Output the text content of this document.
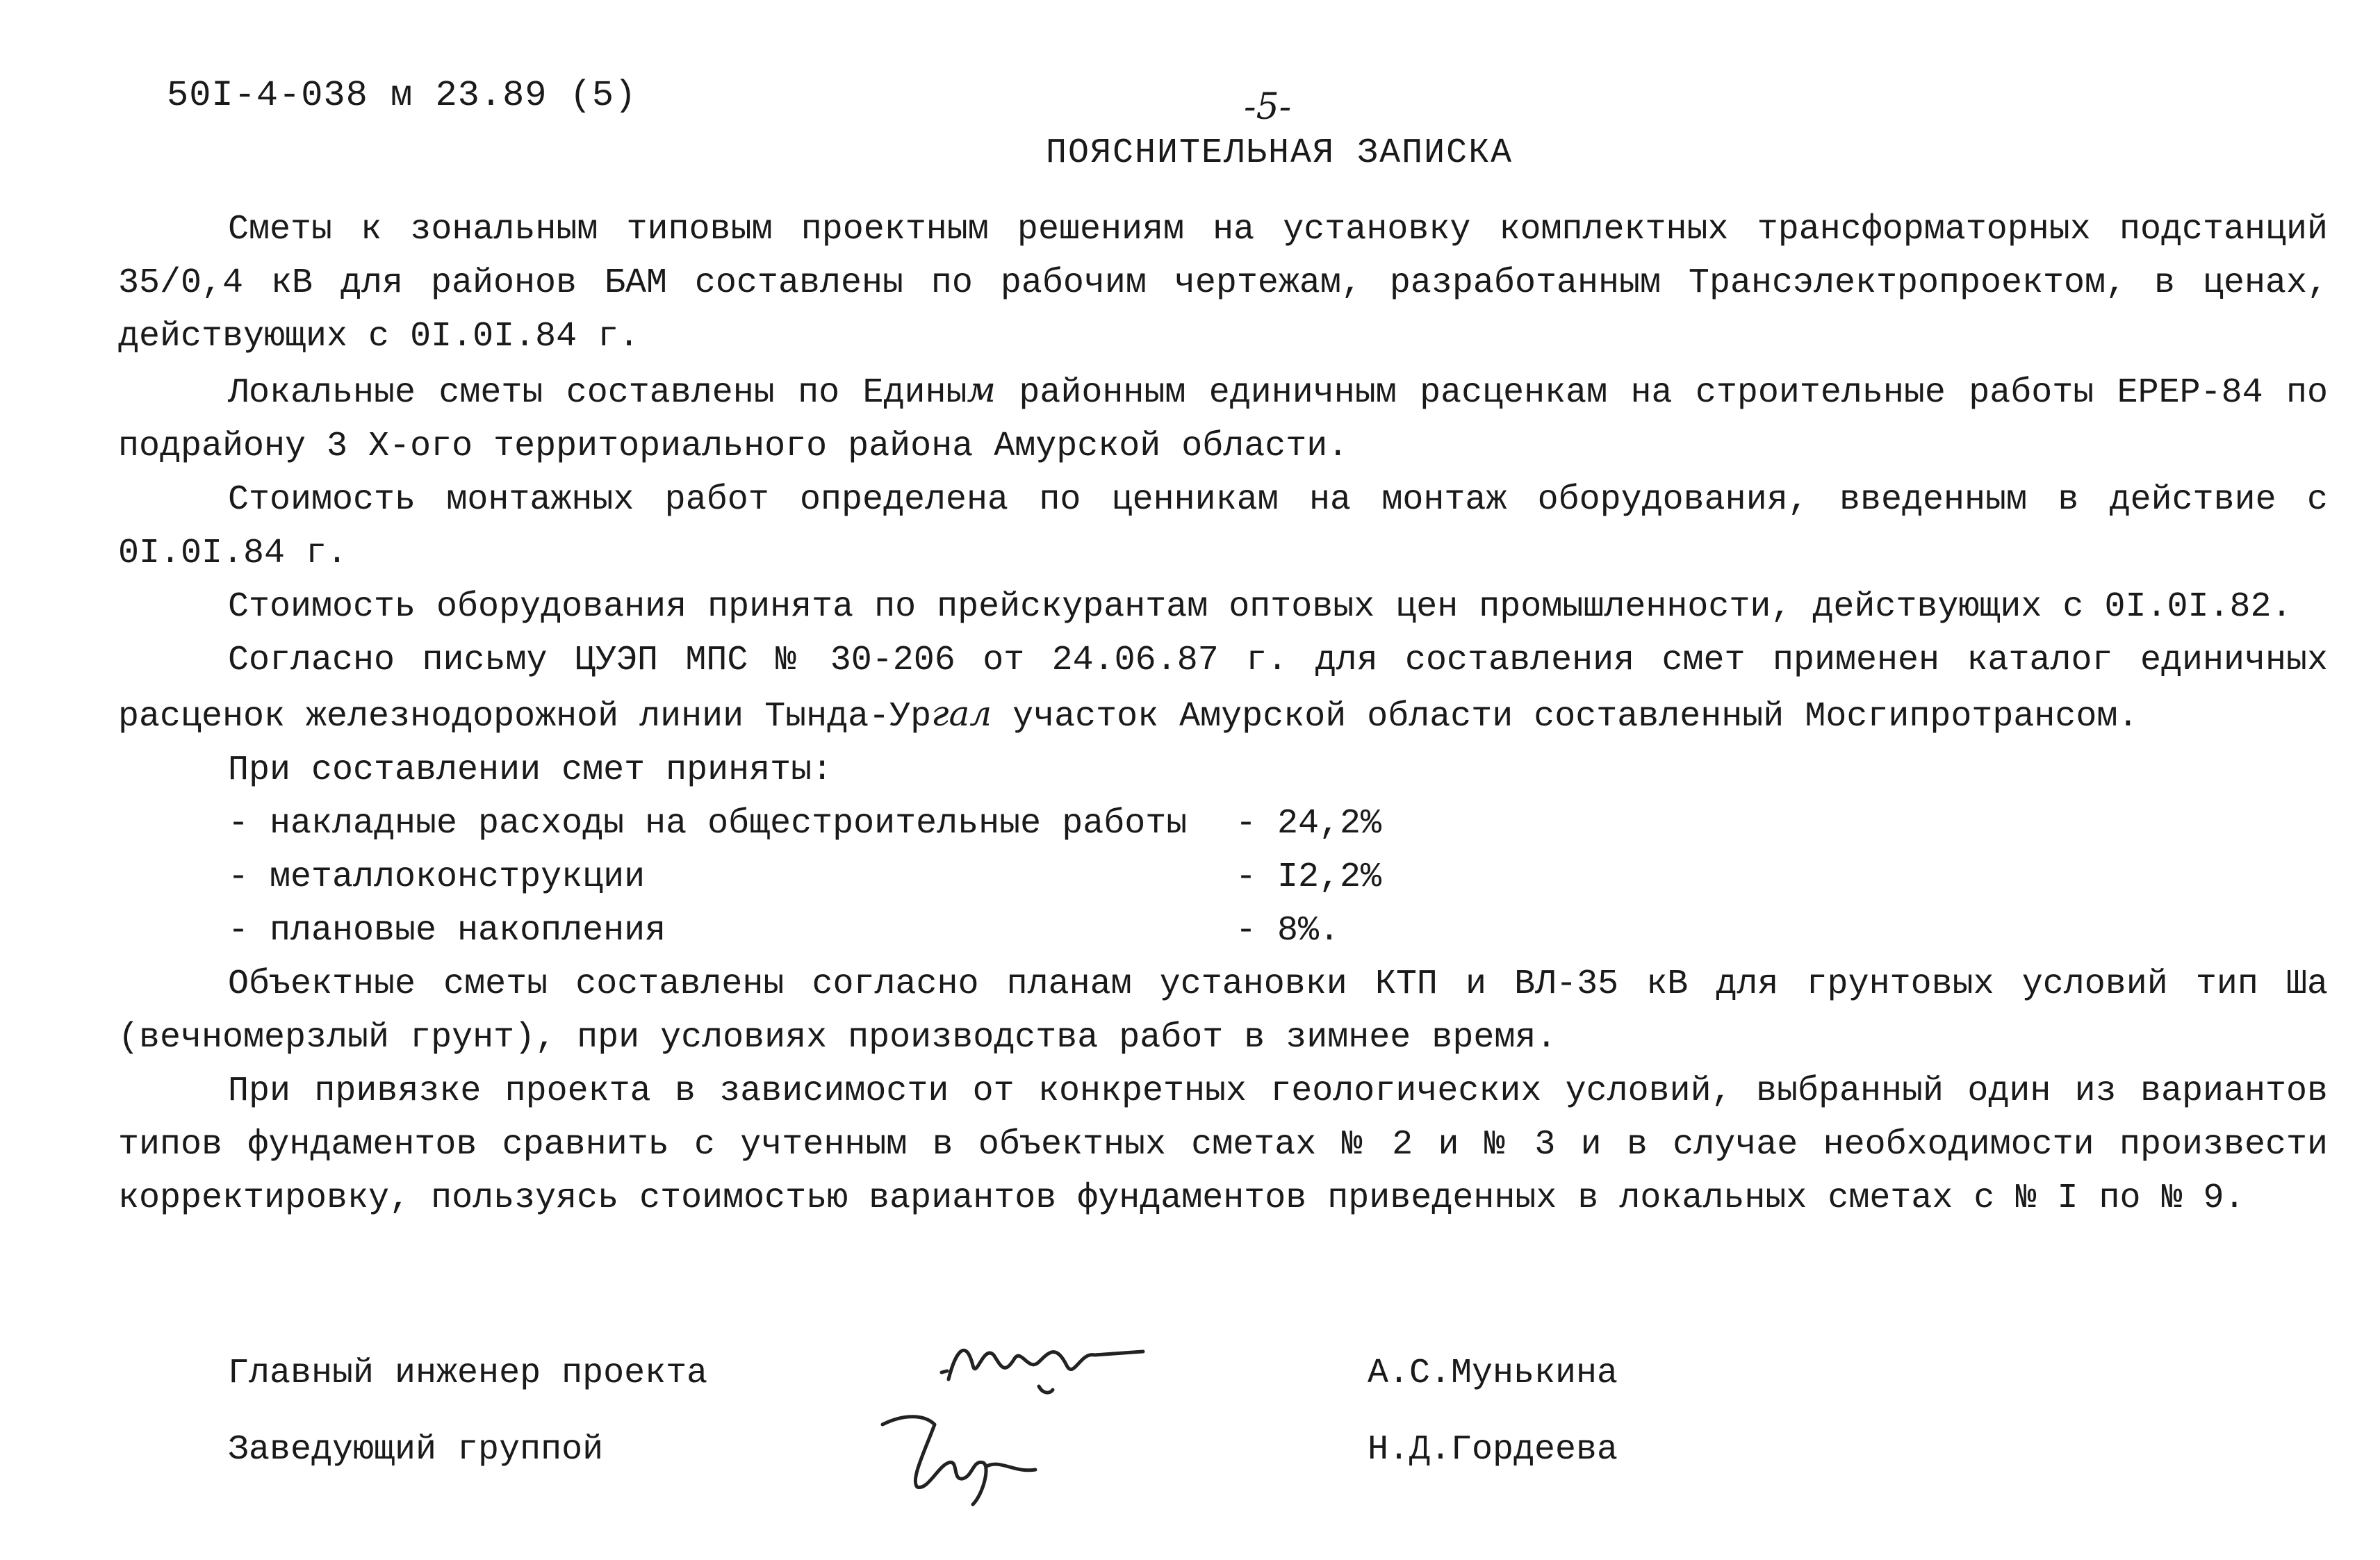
50I-4-038 м 23.89 (5)	-5-
ПОЯСНИТЕЛЬНАЯ ЗАПИСКА

Сметы к зональным типовым проектным решениям на установку комплектных трансформаторных подстанций 35/0,4 кВ для районов БАМ составлены по рабочим чертежам, разработанным Трансэлектропроектом, в ценах, действующих с 0I.0I.84 г.

Локальные сметы составлены по Единым районным единичным расценкам на строительные работы ЕРЕР-84 по подрайону 3 Х-ого территориального района Амурской области.

Стоимость монтажных работ определена по ценникам на монтаж оборудования, введенным в действие с 0I.0I.84 г.

Стоимость оборудования принята по прейскурантам оптовых цен промышленности, действующих с 0I.0I.82.

Согласно письму ЦУЭП МПС № 30-206 от 24.06.87 г. для составления смет применен каталог единичных расценок железнодорожной линии Тында-Ургал участок Амурской области составленный Мосгипротрансом.

При составлении смет приняты:

- накладные расходы на общестроительные работы	- 24,2%
- металлоконструкции	- I2,2%
- плановые накопления	- 8%.

Объектные сметы составлены согласно планам установки КТП и ВЛ-35 кВ для грунтовых условий тип Шa (вечномерзлый грунт), при условиях производства работ в зимнее время.

При привязке проекта в зависимости от конкретных геологических условий, выбранный один из вариантов типов фундаментов сравнить с учтенным в объектных сметах № 2 и № 3 и в случае необходимости произвести корректировку, пользуясь стоимостью вариантов фундаментов приведенных в локальных сметах с № I по № 9.

Главный инженер проекта	А.С.Мунькина
Заведующий группой	Н.Д.Гордеева
